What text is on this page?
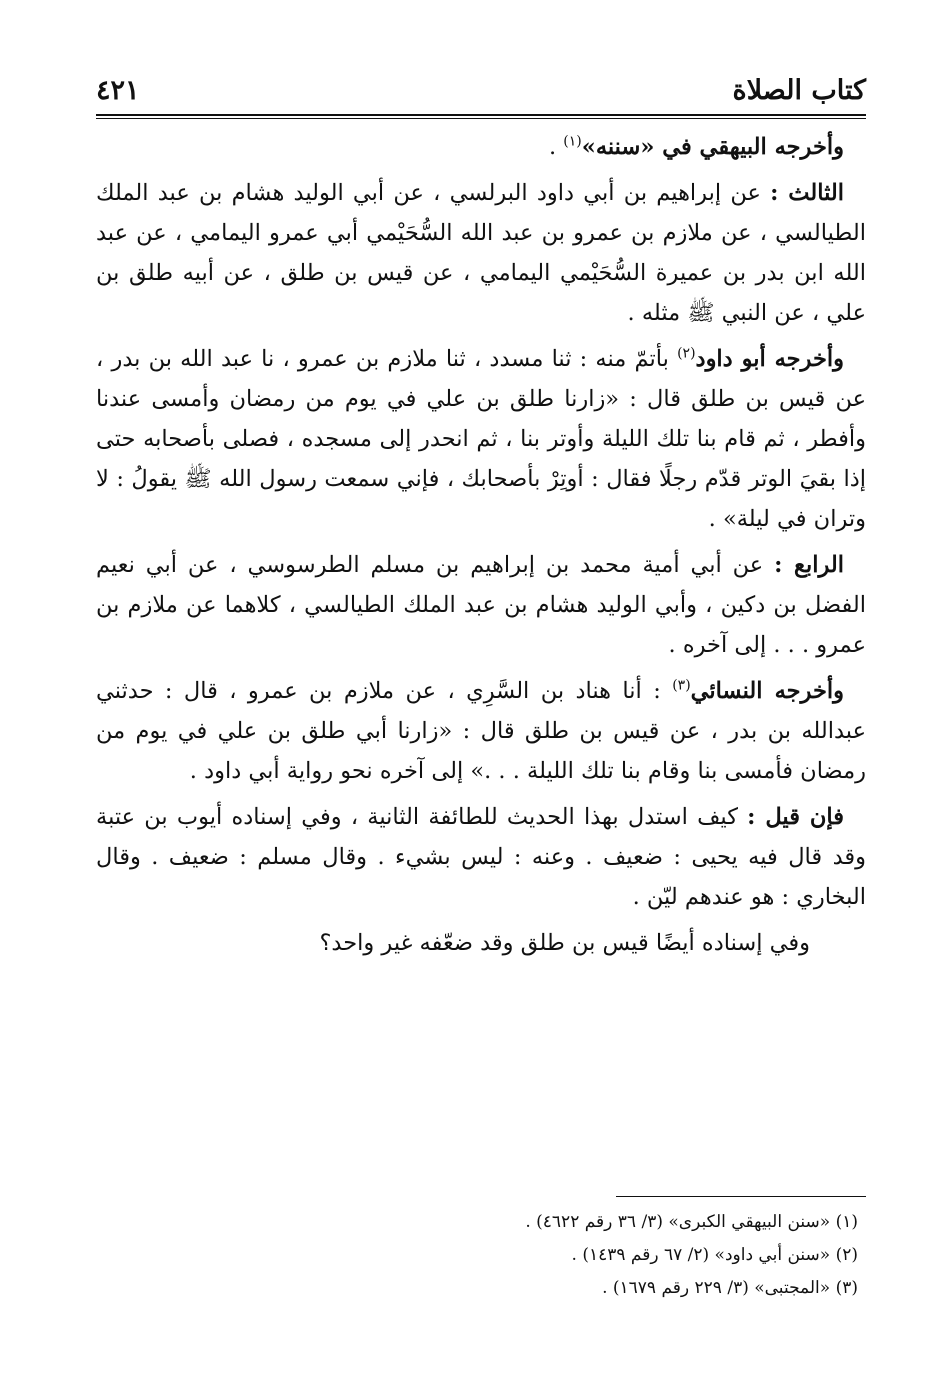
كتاب الصلاة
٤٢١

وأخرجه البيهقي في «سننه»$^{(١)}$ .

الثالث : عن إبراهيم بن أبي داود البرلسي ، عن أبي الوليد هشام بن عبد الملك الطيالسي ، عن ملازم بن عمرو بن عبد الله السُّحَيْمي أبي عمرو اليمامي ، عن عبد الله ابن بدر بن عميرة السُّحَيْمي اليمامي ، عن قيس بن طلق ، عن أبيه طلق بن علي ، عن النبي ﷺ مثله .

وأخرجه أبو داود$^{(٢)}$ بأتمّ منه : ثنا مسدد ، ثنا ملازم بن عمرو ، نا عبد الله بن بدر ، عن قيس بن طلق قال : «زارنا طلق بن علي في يوم من رمضان وأمسى عندنا وأفطر ، ثم قام بنا تلك الليلة وأوتر بنا ، ثم انحدر إلى مسجده ، فصلى بأصحابه حتى إذا بقيَ الوتر قدّم رجلًا فقال : أوتِرْ بأصحابك ، فإني سمعت رسول الله ﷺ يقولُ : لا وتران في ليلة» .

الرابع : عن أبي أمية محمد بن إبراهيم بن مسلم الطرسوسي ، عن أبي نعيم الفضل بن دكين ، وأبي الوليد هشام بن عبد الملك الطيالسي ، كلاهما عن ملازم بن عمرو . . . إلى آخره .

وأخرجه النسائي$^{(٣)}$ : أنا هناد بن السَّرِي ، عن ملازم بن عمرو ، قال : حدثني عبدالله بن بدر ، عن قيس بن طلق قال : «زارنا أبي طلق بن علي في يوم من رمضان فأمسى بنا وقام بنا تلك الليلة . . .» إلى آخره نحو رواية أبي داود .

فإن قيل : كيف استدل بهذا الحديث للطائفة الثانية ، وفي إسناده أيوب بن عتبة وقد قال فيه يحيى : ضعيف . وعنه : ليس بشيء . وقال مسلم : ضعيف . وقال البخاري : هو عندهم ليّن .

وفي إسناده أيضًا قيس بن طلق وقد ضعّفه غير واحد؟

(١) «سنن البيهقي الكبرى» (٣/ ٣٦ رقم ٤٦٢٢) .
(٢) «سنن أبي داود» (٢/ ٦٧ رقم ١٤٣٩) .
(٣) «المجتبى» (٣/ ٢٢٩ رقم ١٦٧٩) .
